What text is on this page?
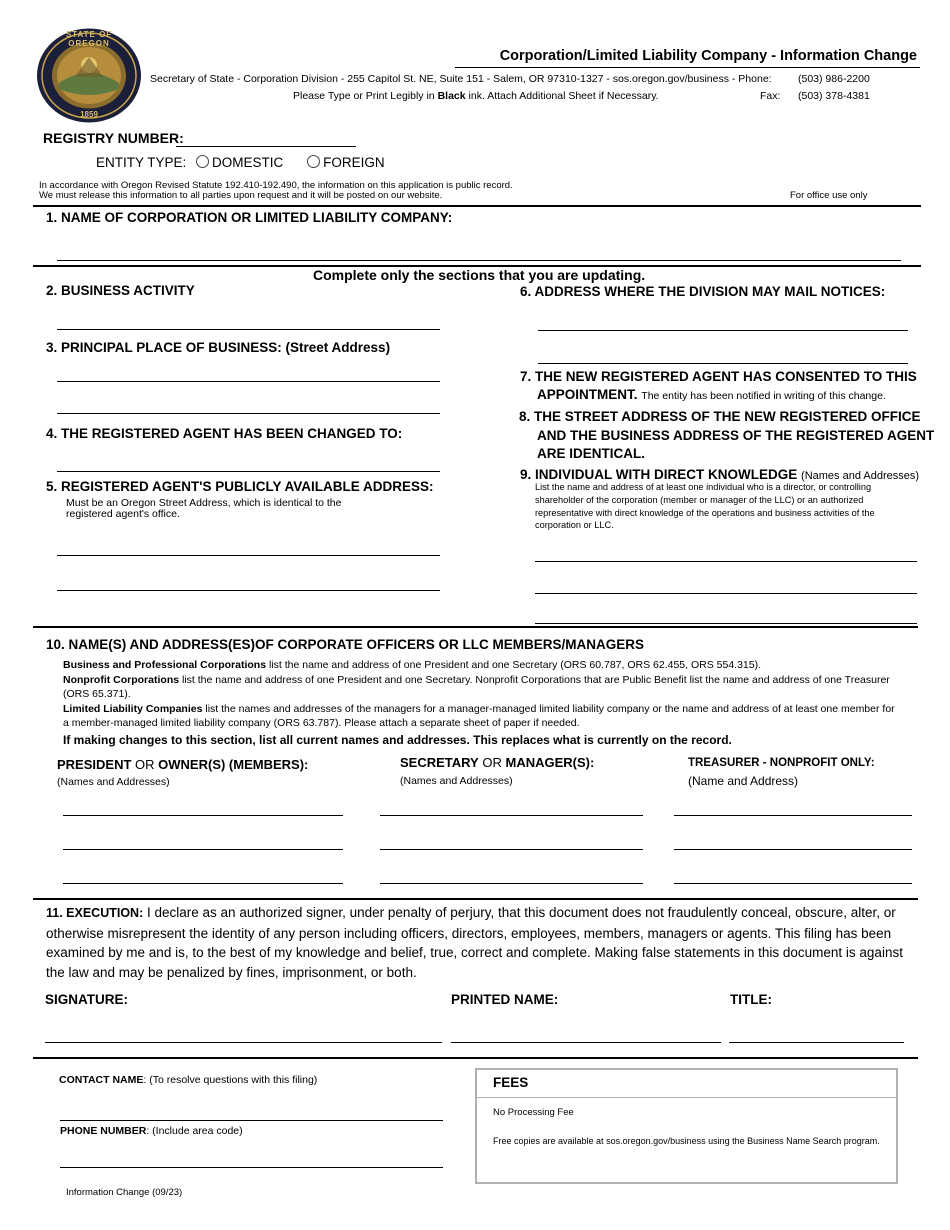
STATE OF OREGON
1859
Corporation/Limited Liability Company - Information Change
Secretary of State - Corporation Division - 255 Capitol St. NE, Suite 151 - Salem, OR 97310-1327 - sos.oregon.gov/business - Phone:	(503) 986-2200
Please Type or Print Legibly in Black ink. Attach Additional Sheet if Necessary.	Fax: (503) 378-4381
REGISTRY NUMBER:
ENTITY TYPE: DOMESTIC	FOREIGN
In accordance with Oregon Revised Statute 192.410-192.490, the information on this application is public record.
We must release this information to all parties upon request and it will be posted on our website.	For office use only
1. NAME OF CORPORATION OR LIMITED LIABILITY COMPANY:
Complete only the sections that you are updating.
2. BUSINESS ACTIVITY
3. PRINCIPAL PLACE OF BUSINESS: (Street Address)
4. THE REGISTERED AGENT HAS BEEN CHANGED TO:
5. REGISTERED AGENT'S PUBLICLY AVAILABLE ADDRESS:
Must be an Oregon Street Address, which is identical to the registered agent's office.
6. ADDRESS WHERE THE DIVISION MAY MAIL NOTICES:
7. THE NEW REGISTERED AGENT HAS CONSENTED TO THIS
APPOINTMENT. The entity has been notified in writing of this change.
8. THE STREET ADDRESS OF THE NEW REGISTERED OFFICE
AND THE BUSINESS ADDRESS OF THE REGISTERED AGENT
ARE IDENTICAL.
9. INDIVIDUAL WITH DIRECT KNOWLEDGE (Names and Addresses)
List the name and address of at least one individual who is a director, or controlling shareholder of the corporation (member or manager of the LLC) or an authorized representative with direct knowledge of the operations and business activities of the corporation or LLC.
10. NAME(S) AND ADDRESS(ES)OF CORPORATE OFFICERS OR LLC MEMBERS/MANAGERS
Business and Professional Corporations list the name and address of one President and one Secretary (ORS 60.787, ORS 62.455, ORS 554.315).
Nonprofit Corporations list the name and address of one President and one Secretary. Nonprofit Corporations that are Public Benefit list the name and address of one Treasurer (ORS 65.371).
Limited Liability Companies list the names and addresses of the managers for a manager-managed limited liability company or the name and address of at least one member for a member-managed limited liability company (ORS 63.787). Please attach a separate sheet of paper if needed.
If making changes to this section, list all current names and addresses. This replaces what is currently on the record.
PRESIDENT OR OWNER(S) (MEMBERS):
(Names and Addresses)
SECRETARY OR MANAGER(S):
(Names and Addresses)
TREASURER - NONPROFIT ONLY:
(Name and Address)
11. EXECUTION: I declare as an authorized signer, under penalty of perjury, that this document does not fraudulently conceal, obscure, alter, or otherwise misrepresent the identity of any person including officers, directors, employees, members, managers or agents. This filing has been examined by me and is, to the best of my knowledge and belief, true, correct and complete. Making false statements in this document is against the law and may be penalized by fines, imprisonment, or both.
SIGNATURE:	PRINTED NAME:	TITLE:
CONTACT NAME: (To resolve questions with this filing)
PHONE NUMBER: (Include area code)
FEES
No Processing Fee
Free copies are available at sos.oregon.gov/business using the Business Name Search program.
Information Change (09/23)
